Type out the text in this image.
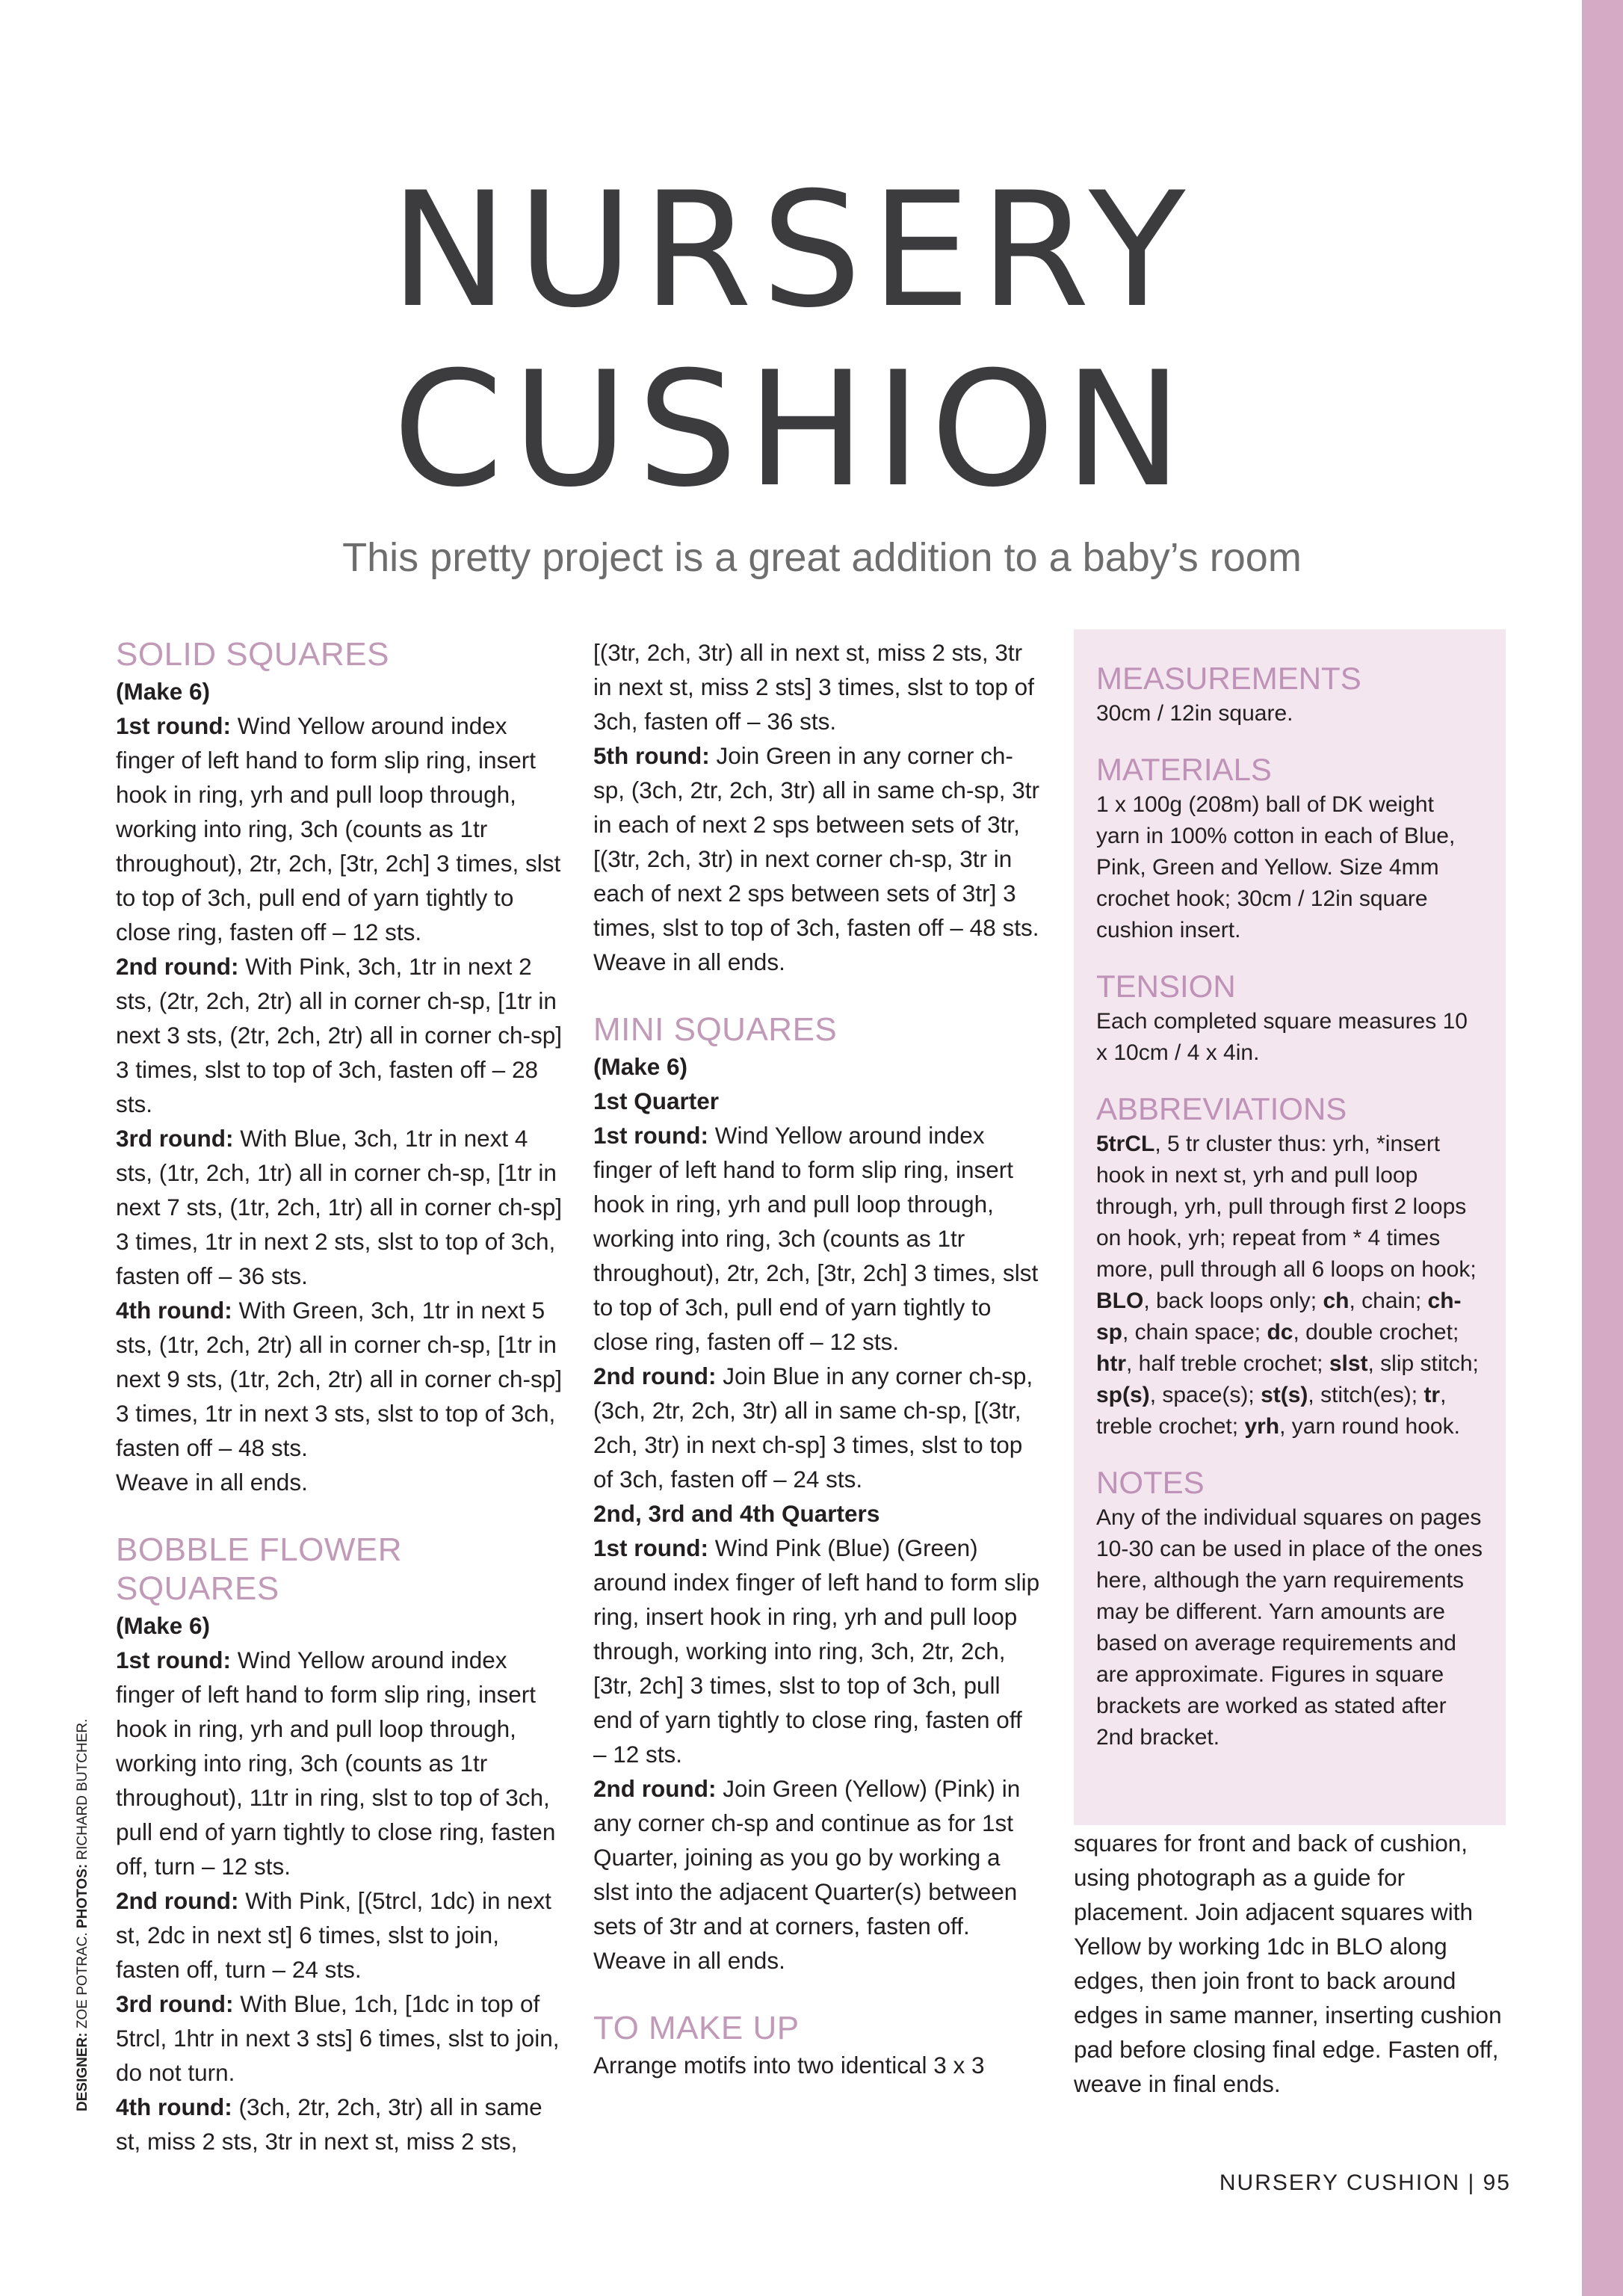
NURSERY
CUSHION
This pretty project is a great addition to a baby’s room
SOLID SQUARES

(Make 6)

1st round: Wind Yellow around index finger of left hand to form slip ring, insert hook in ring, yrh and pull loop through, working into ring, 3ch (counts as 1tr throughout), 2tr, 2ch, [3tr, 2ch] 3 times, slst to top of 3ch, pull end of yarn tightly to close ring, fasten off – 12 sts.

2nd round: With Pink, 3ch, 1tr in next 2 sts, (2tr, 2ch, 2tr) all in corner ch-sp, [1tr in next 3 sts, (2tr, 2ch, 2tr) all in corner ch-sp] 3 times, slst to top of 3ch, fasten off – 28 sts.

3rd round: With Blue, 3ch, 1tr in next 4 sts, (1tr, 2ch, 1tr) all in corner ch-sp, [1tr in next 7 sts, (1tr, 2ch, 1tr) all in corner ch-sp] 3 times, 1tr in next 2 sts, slst to top of 3ch, fasten off – 36 sts.

4th round: With Green, 3ch, 1tr in next 5 sts, (1tr, 2ch, 2tr) all in corner ch-sp, [1tr in next 9 sts, (1tr, 2ch, 2tr) all in corner ch-sp] 3 times, 1tr in next 3 sts, slst to top of 3ch, fasten off – 48 sts.

Weave in all ends.

BOBBLE FLOWER SQUARES

(Make 6)

1st round: Wind Yellow around index finger of left hand to form slip ring, insert hook in ring, yrh and pull loop through, working into ring, 3ch (counts as 1tr throughout), 11tr in ring, slst to top of 3ch, pull end of yarn tightly to close ring, fasten off, turn – 12 sts.

2nd round: With Pink, [(5trcl, 1dc) in next st, 2dc in next st] 6 times, slst to join, fasten off, turn – 24 sts.

3rd round: With Blue, 1ch, [1dc in top of 5trcl, 1htr in next 3 sts] 6 times, slst to join, do not turn.

4th round: (3ch, 2tr, 2ch, 3tr) all in same st, miss 2 sts, 3tr in next st, miss 2 sts,

[(3tr, 2ch, 3tr) all in next st, miss 2 sts, 3tr in next st, miss 2 sts] 3 times, slst to top of 3ch, fasten off – 36 sts.

5th round: Join Green in any corner ch-sp, (3ch, 2tr, 2ch, 3tr) all in same ch-sp, 3tr in each of next 2 sps between sets of 3tr, [(3tr, 2ch, 3tr) in next corner ch-sp, 3tr in each of next 2 sps between sets of 3tr] 3 times, slst to top of 3ch, fasten off – 48 sts.

Weave in all ends.

MINI SQUARES

(Make 6)

1st Quarter

1st round: Wind Yellow around index finger of left hand to form slip ring, insert hook in ring, yrh and pull loop through, working into ring, 3ch (counts as 1tr throughout), 2tr, 2ch, [3tr, 2ch] 3 times, slst to top of 3ch, pull end of yarn tightly to close ring, fasten off – 12 sts.

2nd round: Join Blue in any corner ch-sp, (3ch, 2tr, 2ch, 3tr) all in same ch-sp, [(3tr, 2ch, 3tr) in next ch-sp] 3 times, slst to top of 3ch, fasten off – 24 sts.

2nd, 3rd and 4th Quarters

1st round: Wind Pink (Blue) (Green) around index finger of left hand to form slip ring, insert hook in ring, yrh and pull loop through, working into ring, 3ch, 2tr, 2ch, [3tr, 2ch] 3 times, slst to top of 3ch, pull end of yarn tightly to close ring, fasten off – 12 sts.

2nd round: Join Green (Yellow) (Pink) in any corner ch-sp and continue as for 1st Quarter, joining as you go by working a slst into the adjacent Quarter(s) between sets of 3tr and at corners, fasten off. Weave in all ends.

TO MAKE UP

Arrange motifs into two identical 3 x 3

MEASUREMENTS

30cm / 12in square.

MATERIALS

1 x 100g (208m) ball of DK weight yarn in 100% cotton in each of Blue, Pink, Green and Yellow. Size 4mm crochet hook; 30cm / 12in square cushion insert.

TENSION

Each completed square measures 10 x 10cm / 4 x 4in.

ABBREVIATIONS

5trCL, 5 tr cluster thus: yrh, *insert hook in next st, yrh and pull loop through, yrh, pull through first 2 loops on hook, yrh; repeat from * 4 times more, pull through all 6 loops on hook; BLO, back loops only; ch, chain; ch-sp, chain space; dc, double crochet; htr, half treble crochet; slst, slip stitch; sp(s), space(s); st(s), stitch(es); tr, treble crochet; yrh, yarn round hook.

NOTES

Any of the individual squares on pages 10-30 can be used in place of the ones here, although the yarn requirements may be different. Yarn amounts are based on average requirements and are approximate. Figures in square brackets are worked as stated after 2nd bracket.

squares for front and back of cushion, using photograph as a guide for placement. Join adjacent squares with Yellow by working 1dc in BLO along edges, then join front to back around edges in same manner, inserting cushion pad before closing final edge. Fasten off, weave in final ends.

DESIGNER: ZOE POTRAC. PHOTOS: RICHARD BUTCHER.
NURSERY CUSHION | 95
